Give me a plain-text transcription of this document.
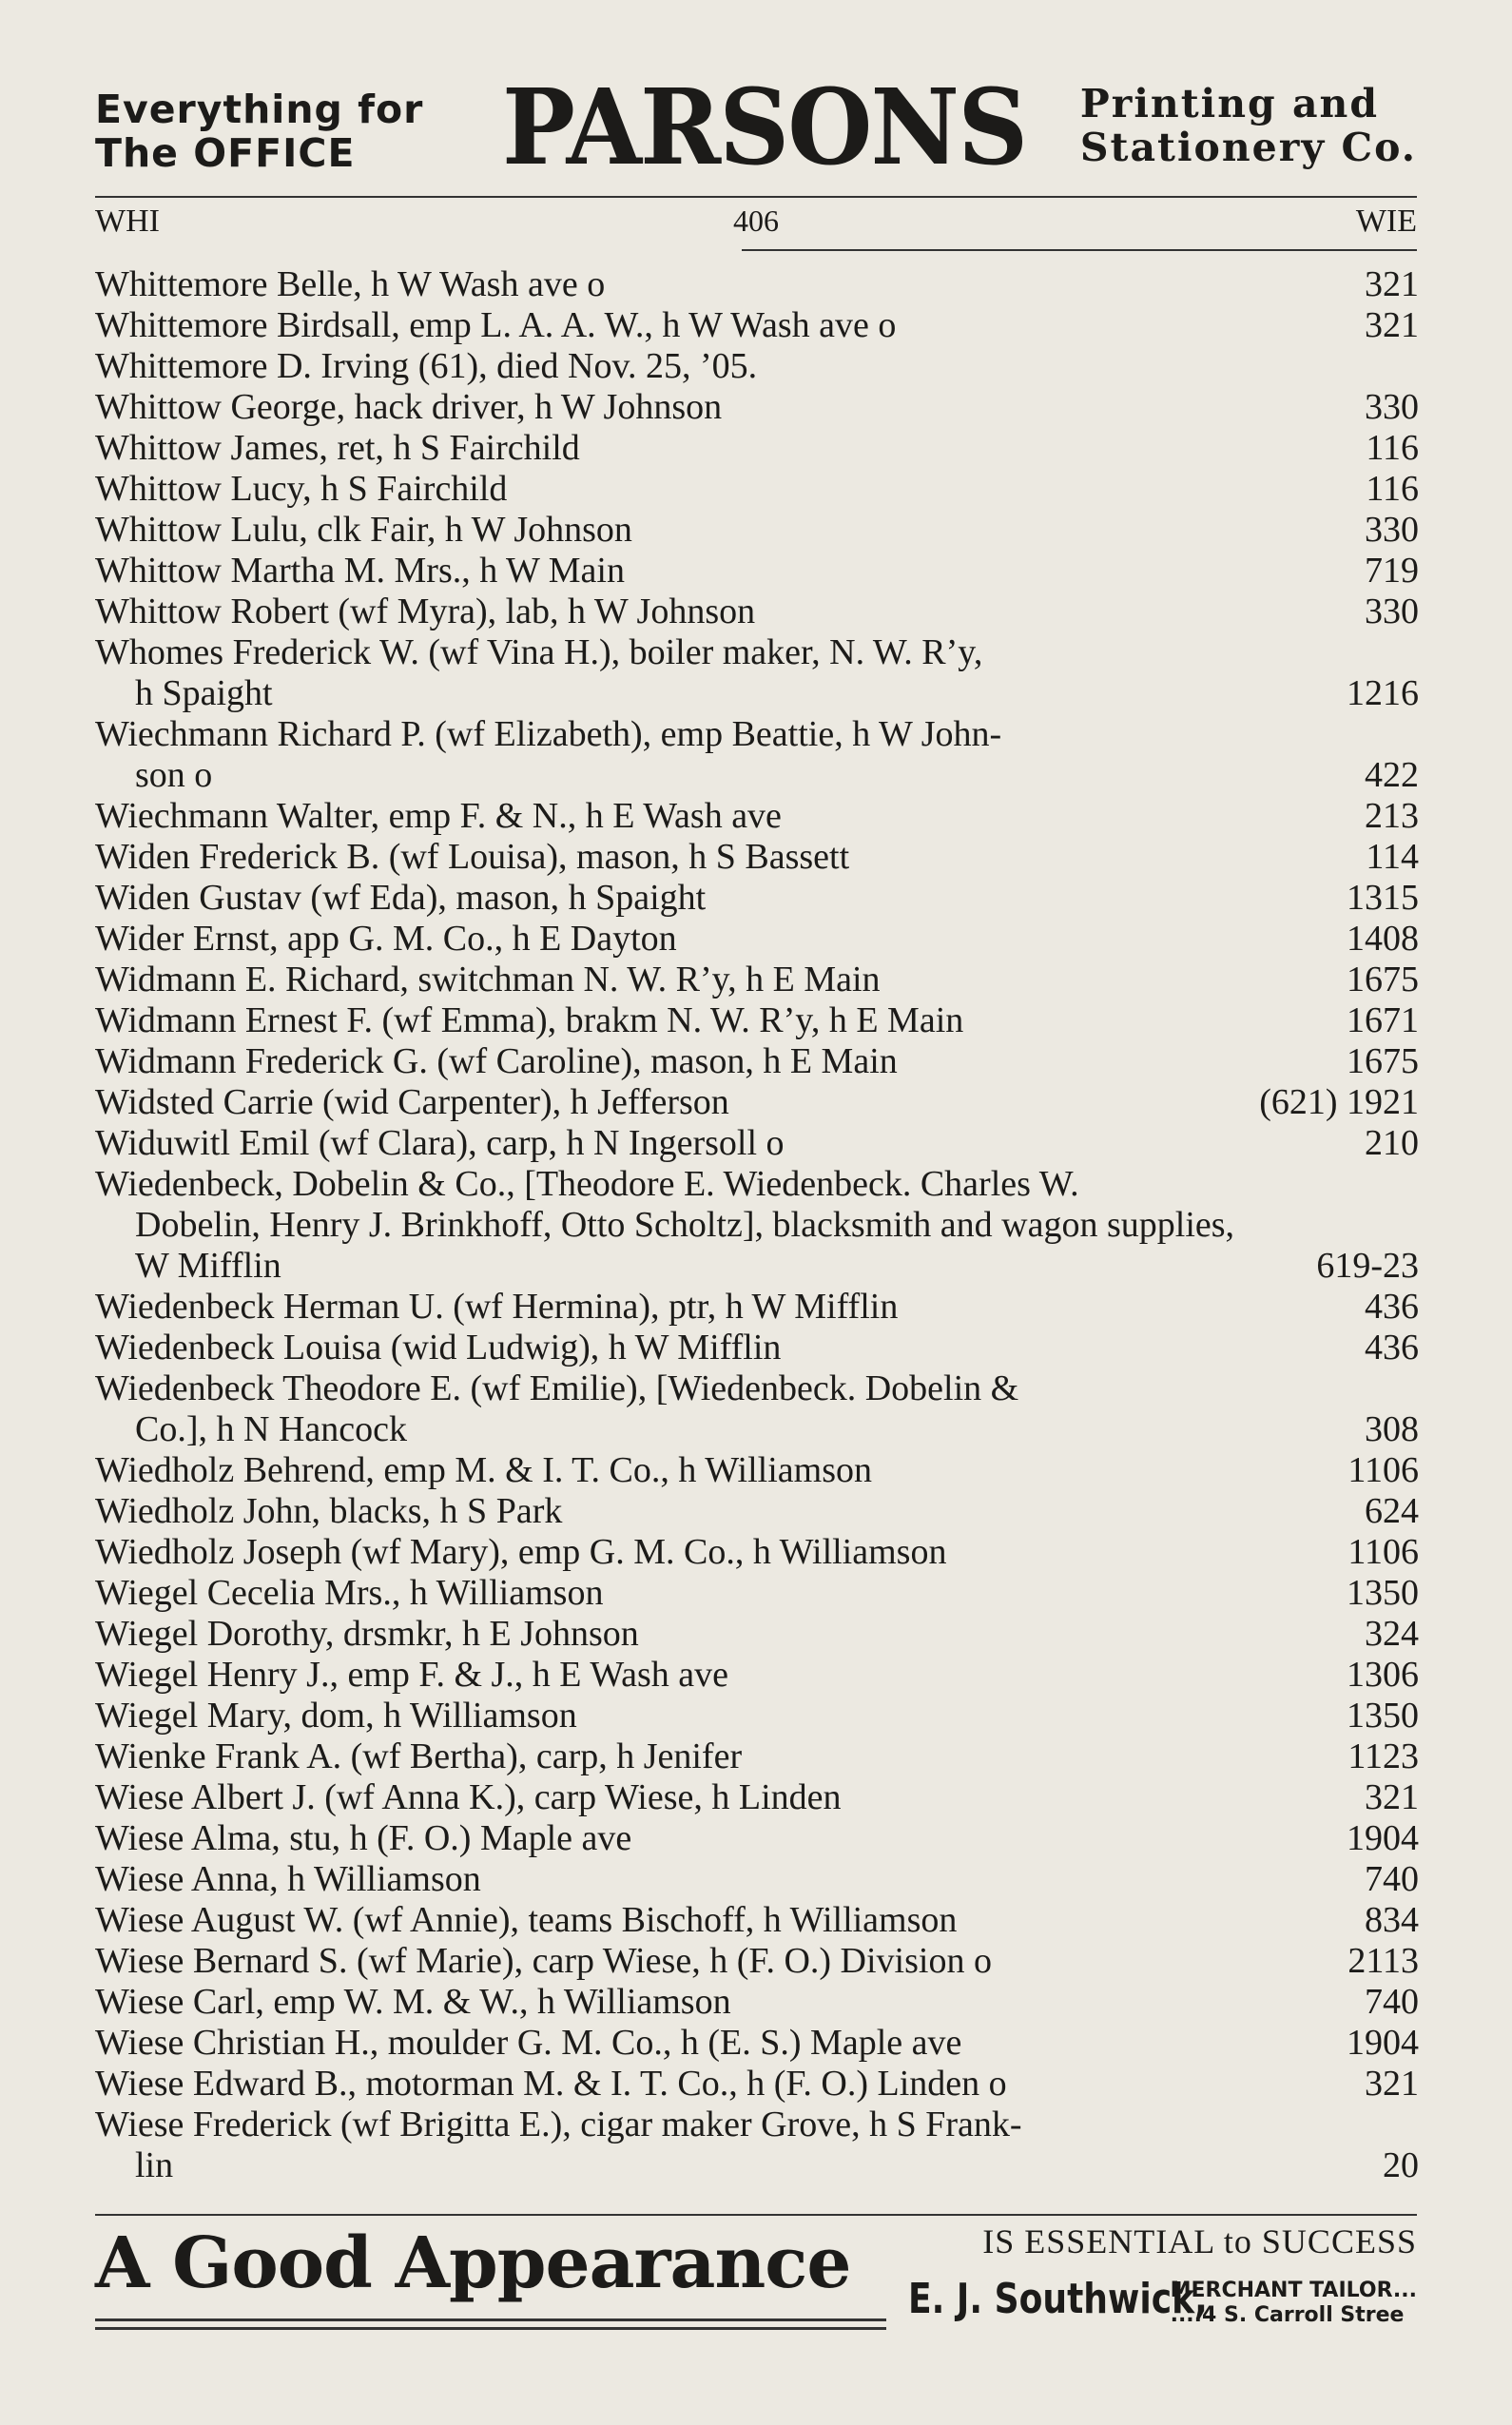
Everything for
The OFFICE	PARSONS Printing and
Stationery Co.
WHI	406	WIE
Whittemore Belle, h W Wash ave o	321
Whittemore Birdsall, emp L. A. A. W., h W Wash ave o	321
Whittemore D. Irving (61), died Nov. 25, ’05.
Whittow George, hack driver, h W Johnson	330
Whittow James, ret, h S Fairchild	116
Whittow Lucy, h S Fairchild	116
Whittow Lulu, clk Fair, h W Johnson	330
Whittow Martha M. Mrs., h W Main	719
Whittow Robert (wf Myra), lab, h W Johnson	330
Whomes Frederick W. (wf Vina H.), boiler maker, N. W. R’y,
h Spaight	1216
Wiechmann Richard P. (wf Elizabeth), emp Beattie, h W John-
son o	422
Wiechmann Walter, emp F. & N., h E Wash ave	213
Widen Frederick B. (wf Louisa), mason, h S Bassett	114
Widen Gustav (wf Eda), mason, h Spaight	1315
Wider Ernst, app G. M. Co., h E Dayton	1408
Widmann E. Richard, switchman N. W. R’y, h E Main	1675
Widmann Ernest F. (wf Emma), brakm N. W. R’y, h E Main	1671
Widmann Frederick G. (wf Caroline), mason, h E Main	1675
Widsted Carrie (wid Carpenter), h Jefferson	(621) 1921
Widuwitl Emil (wf Clara), carp, h N Ingersoll o	210
Wiedenbeck, Dobelin & Co., [Theodore E. Wiedenbeck. Charles W.
Dobelin, Henry J. Brinkhoff, Otto Scholtz], blacksmith and wagon supplies, W Mifflin	619-23
Wiedenbeck Herman U. (wf Hermina), ptr, h W Mifflin	436
Wiedenbeck Louisa (wid Ludwig), h W Mifflin	436
Wiedenbeck Theodore E. (wf Emilie), [Wiedenbeck. Dobelin &
Co.], h N Hancock	308
Wiedholz Behrend, emp M. & I. T. Co., h Williamson	1106
Wiedholz John, blacks, h S Park	624
Wiedholz Joseph (wf Mary), emp G. M. Co., h Williamson	1106
Wiegel Cecelia Mrs., h Williamson	1350
Wiegel Dorothy, drsmkr, h E Johnson	324
Wiegel Henry J., emp F. & J., h E Wash ave	1306
Wiegel Mary, dom, h Williamson	1350
Wienke Frank A. (wf Bertha), carp, h Jenifer	1123
Wiese Albert J. (wf Anna K.), carp Wiese, h Linden	321
Wiese Alma, stu, h (F. O.) Maple ave	1904
Wiese Anna, h Williamson	740
Wiese August W. (wf Annie), teams Bischoff, h Williamson	834
Wiese Bernard S. (wf Marie), carp Wiese, h (F. O.) Division o	2113
Wiese Carl, emp W. M. & W., h Williamson	740
Wiese Christian H., moulder G. M. Co., h (E. S.) Maple ave	1904
Wiese Edward B., motorman M. & I. T. Co., h (F. O.) Linden o	321
Wiese Frederick (wf Brigitta E.), cigar maker Grove, h S Frank-
lin	20
A Good Appearance	IS ESSENTIAL to SUCCESS
E. J. Southwick,
MERCHANT TAILOR...
....4 S. Carroll Stree
